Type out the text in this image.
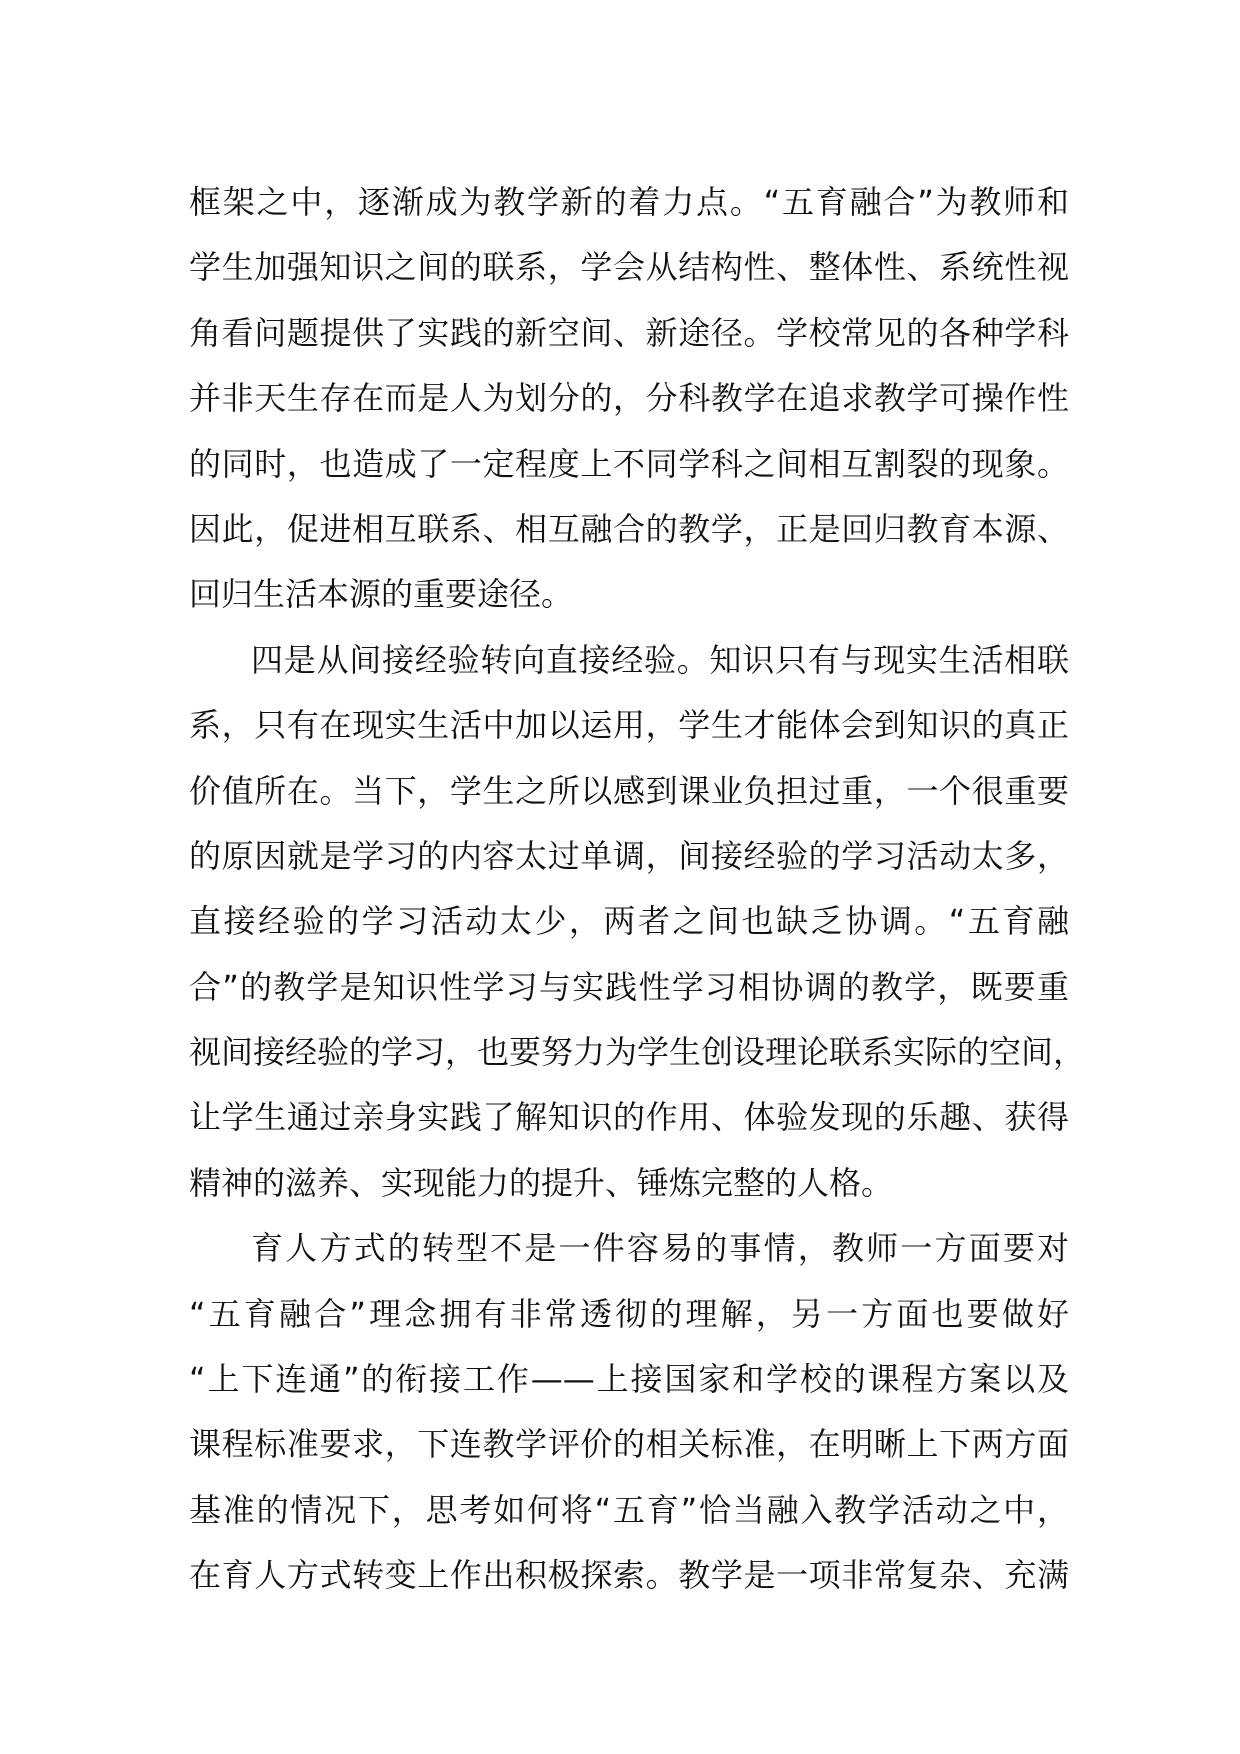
框架之中，逐渐成为教学新的着力点。“五育融合”为教师和
学生加强知识之间的联系，学会从结构性、整体性、系统性视
角看问题提供了实践的新空间、新途径。学校常见的各种学科
并非天生存在而是人为划分的，分科教学在追求教学可操作性
的同时，也造成了一定程度上不同学科之间相互割裂的现象。
因此，促进相互联系、相互融合的教学，正是回归教育本源、
回归生活本源的重要途径。
四是从间接经验转向直接经验。知识只有与现实生活相联
系，只有在现实生活中加以运用，学生才能体会到知识的真正
价值所在。当下，学生之所以感到课业负担过重，一个很重要
的原因就是学习的内容太过单调，间接经验的学习活动太多，
直接经验的学习活动太少，两者之间也缺乏协调。“五育融
合”的教学是知识性学习与实践性学习相协调的教学，既要重
视间接经验的学习，也要努力为学生创设理论联系实际的空间，
让学生通过亲身实践了解知识的作用、体验发现的乐趣、获得
精神的滋养、实现能力的提升、锤炼完整的人格。
育人方式的转型不是一件容易的事情，教师一方面要对
“五育融合”理念拥有非常透彻的理解，另一方面也要做好
“上下连通”的衔接工作——上接国家和学校的课程方案以及
课程标准要求，下连教学评价的相关标准，在明晰上下两方面
基准的情况下，思考如何将“五育”恰当融入教学活动之中，
在育人方式转变上作出积极探索。教学是一项非常复杂、充满
